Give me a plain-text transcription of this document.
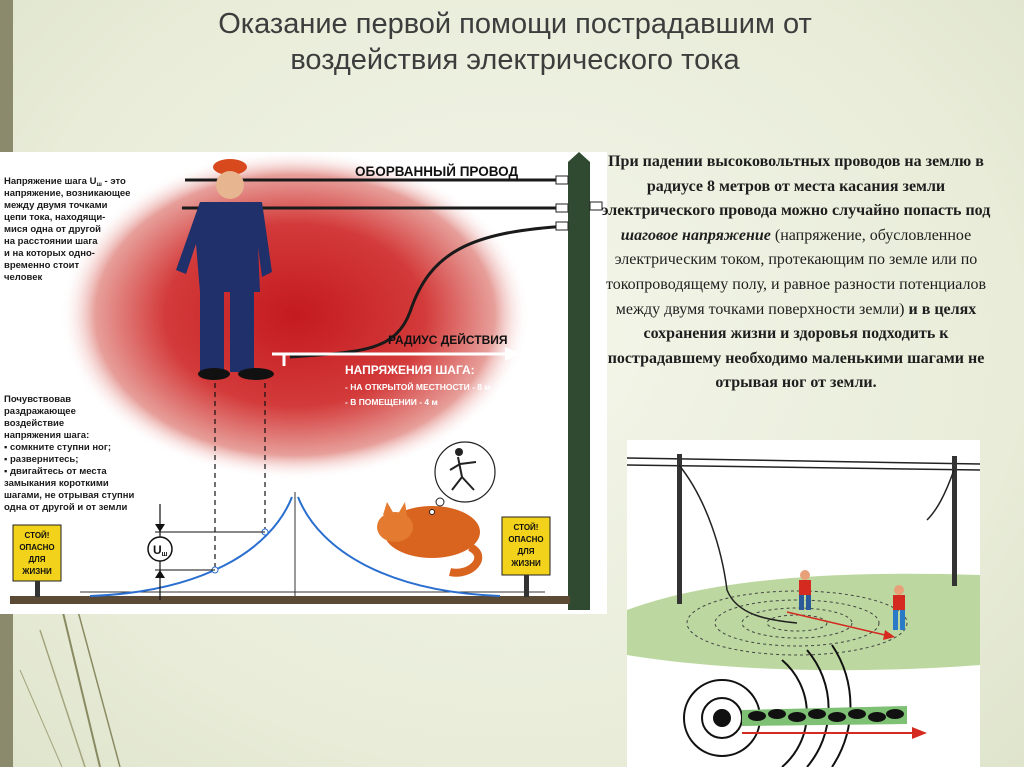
Оказание первой помощи пострадавшим от
воздействия электрического тока
ОБОРВАННЫЙ ПРОВОД
РАДИУС ДЕЙСТВИЯ
НАПРЯЖЕНИЯ ШАГА:
- НА ОТКРЫТОЙ МЕСТНОСТИ - 8 м
- В ПОМЕЩЕНИИ - 4 м
Напряжение шага $U_ш$ - это
напряжение, возникающее
между двумя точками
цепи тока, находящи-
мися одна от другой
на расстоянии шага
и на которых одно-
временно стоит
человек
Почувствовав
раздражающее
воздействие
напряжения шага:
▪ сомкните ступни ног;
▪ развернитесь;
▪ двигайтесь от места
замыкания короткими
шагами, не отрывая ступни
одна от другой и от земли
Uш
СТОЙ!
ОПАСНО
ДЛЯ
ЖИЗНИ
СТОЙ!
ОПАСНО
ДЛЯ
ЖИЗНИ
При падении высоковольтных проводов на землю в радиусе 8 метров от места касания земли электрического провода можно случайно попасть под шаговое напряжение (напряжение, обусловленное электрическим током, протекающим по земле или по токопроводящему полу, и равное разности потенциалов между двумя точками поверхности земли) и в целях сохранения жизни и здоровья подходить к пострадавшему необходимо маленькими шагами не отрывая ног от земли.
